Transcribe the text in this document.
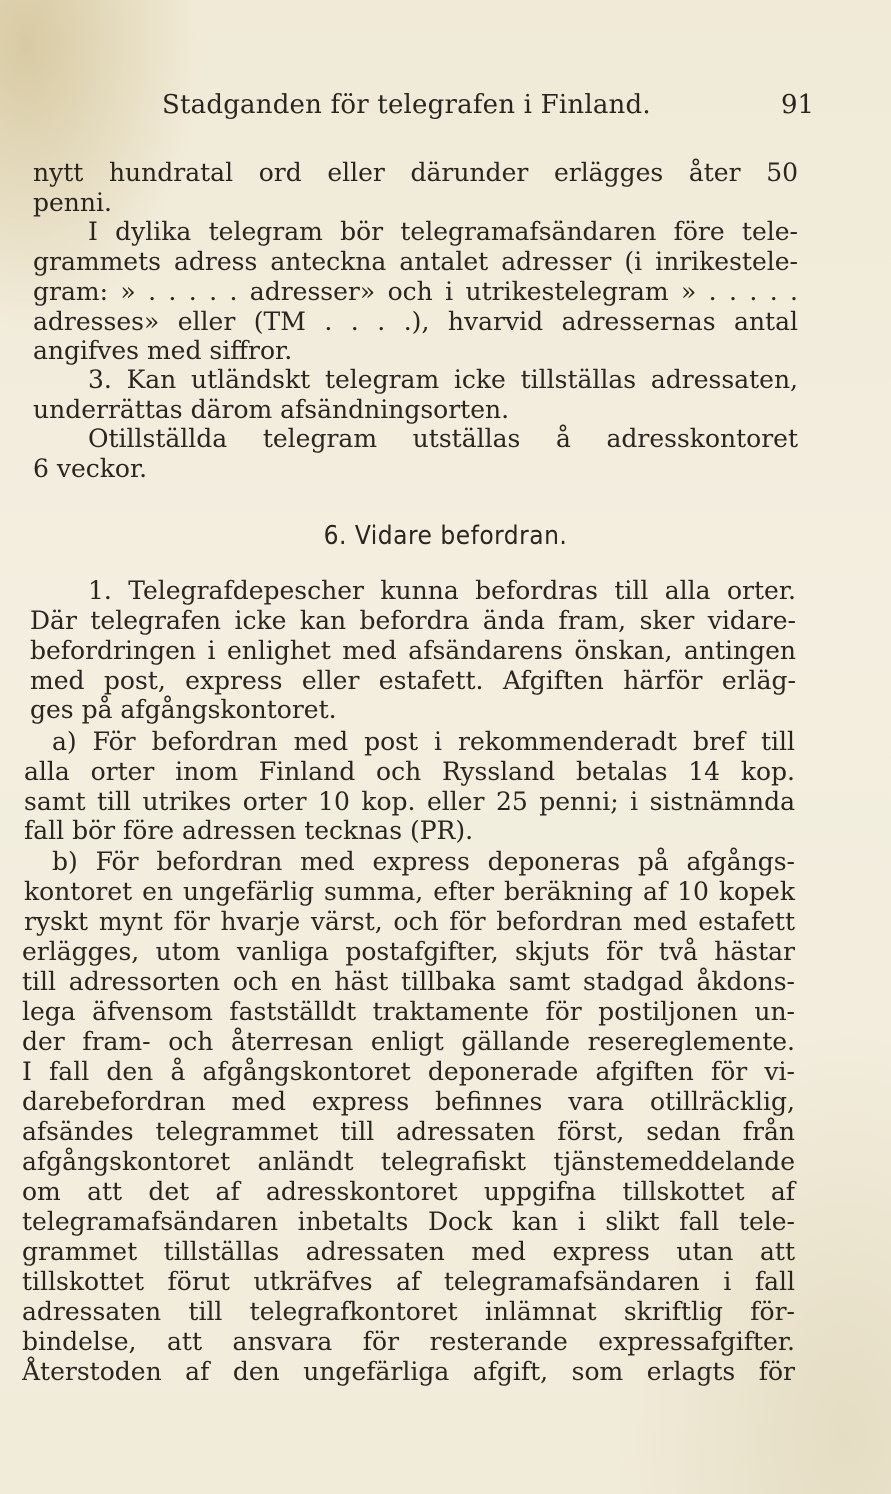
Stadganden för telegrafen i Finland.	91
nytt hundratal ord eller därunder erlägges åter 50
penni.
I dylika telegram bör telegramafsändaren före tele-
grammets adress anteckna antalet adresser (i inrikestele-
gram: » . . . . . adresser» och i utrikestelegram » . . . . .
adresses» eller (TM . . . .), hvarvid adressernas antal
angifves med siffror.
3. Kan utländskt telegram icke tillställas adressaten,
underrättas därom afsändningsorten.
Otillställda telegram utställas å adresskontoret
6 veckor.
6. Vidare befordran.
1. Telegrafdepescher kunna befordras till alla orter.
Där telegrafen icke kan befordra ända fram, sker vidare-
befordringen i enlighet med afsändarens önskan, antingen
med post, express eller estafett. Afgiften härför erläg-
ges på afgångskontoret.
a) För befordran med post i rekommenderadt bref till
alla orter inom Finland och Ryssland betalas 14 kop.
samt till utrikes orter 10 kop. eller 25 penni; i sistnämnda
fall bör före adressen tecknas (PR).
b) För befordran med express deponeras på afgångs-
kontoret en ungefärlig summa, efter beräkning af 10 kopek
ryskt mynt för hvarje värst, och för befordran med estafett
erlägges, utom vanliga postafgifter, skjuts för två hästar
till adressorten och en häst tillbaka samt stadgad åkdons-
lega äfvensom fastställdt traktamente för postiljonen un-
der fram- och återresan enligt gällande resereglemente.
I fall den å afgångskontoret deponerade afgiften för vi-
darebefordran med express befinnes vara otillräcklig,
afsändes telegrammet till adressaten först, sedan från
afgångskontoret anländt telegrafiskt tjänstemeddelande
om att det af adresskontoret uppgifna tillskottet af
telegramafsändaren inbetalts Dock kan i slikt fall tele-
grammet tillställas adressaten med express utan att
tillskottet förut utkräfves af telegramafsändaren i fall
adressaten till telegrafkontoret inlämnat skriftlig för-
bindelse, att ansvara för resterande expressafgifter.
Återstoden af den ungefärliga afgift, som erlagts för
